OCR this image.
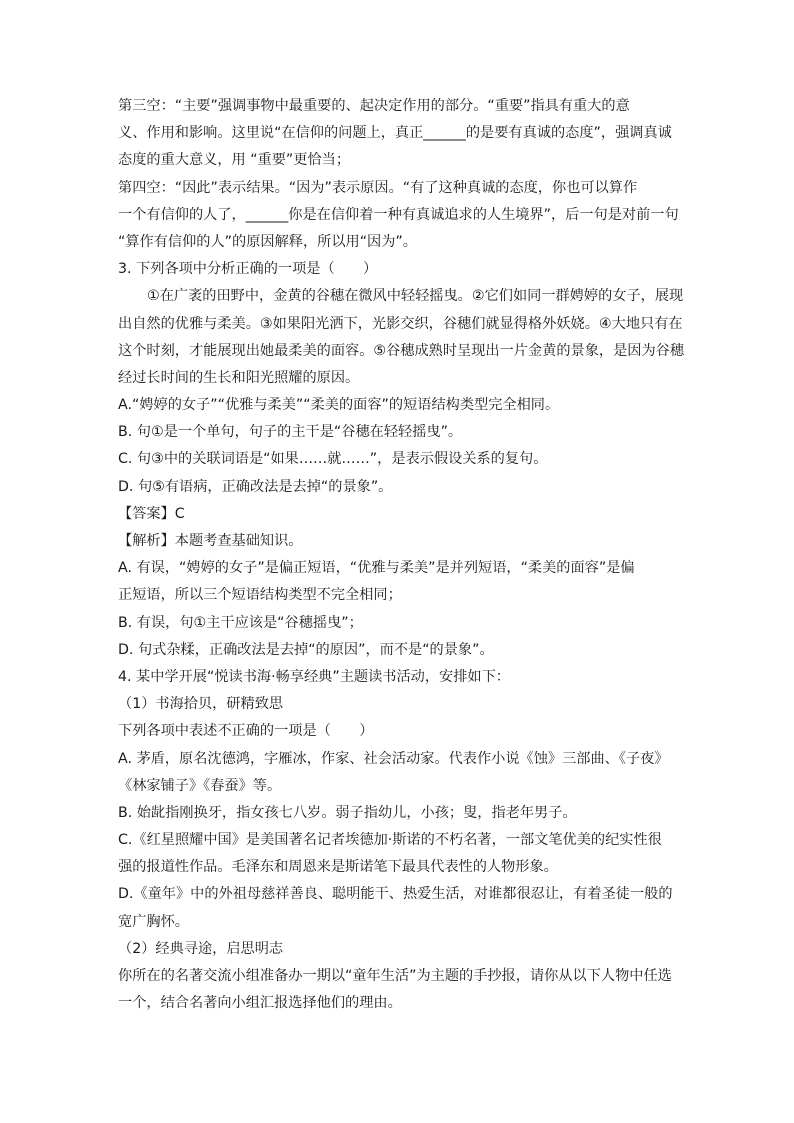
第三空：“主要”强调事物中最重要的、起决定作用的部分。“重要”指具有重大的意
义、作用和影响。这里说“在信仰的问题上，真正______的是要有真诚的态度”，强调真诚
态度的重大意义，用 “重要”更恰当；
第四空：“因此”表示结果。“因为”表示原因。“有了这种真诚的态度，你也可以算作
一个有信仰的人了，______你是在信仰着一种有真诚追求的人生境界”，后一句是对前一句
“算作有信仰的人”的原因解释，所以用“因为”。
3. 下列各项中分析正确的一项是（　　）
①在广袤的田野中，金黄的谷穗在微风中轻轻摇曳。②它们如同一群娉婷的女子，展现
出自然的优雅与柔美。③如果阳光洒下，光影交织，谷穗们就显得格外妖娆。④大地只有在
这个时刻，才能展现出她最柔美的面容。⑤谷穗成熟时呈现出一片金黄的景象，是因为谷穗
经过长时间的生长和阳光照耀的原因。
A.“娉婷的女子”“优雅与柔美”“柔美的面容”的短语结构类型完全相同。
B. 句①是一个单句，句子的主干是“谷穗在轻轻摇曳”。
C. 句③中的关联词语是“如果……就……”，是表示假设关系的复句。
D. 句⑤有语病，正确改法是去掉“的景象”。
【答案】C
【解析】本题考查基础知识。
A. 有误，“娉婷的女子”是偏正短语，“优雅与柔美”是并列短语，“柔美的面容”是偏
正短语，所以三个短语结构类型不完全相同；
B. 有误，句①主干应该是“谷穗摇曳”；
D. 句式杂糅，正确改法是去掉“的原因”，而不是“的景象”。
4. 某中学开展“悦读书海·畅享经典”主题读书活动，安排如下：
（1）书海拾贝，研精致思
下列各项中表述不正确的一项是（　　）
A. 茅盾，原名沈德鸿，字雁冰，作家、社会活动家。代表作小说《蚀》三部曲、《子夜》
《林家铺子》《春蚕》等。
B. 始龀指刚换牙，指女孩七八岁。弱子指幼儿，小孩；叟，指老年男子。
C.《红星照耀中国》是美国著名记者埃德加·斯诺的不朽名著，一部文笔优美的纪实性很
强的报道性作品。毛泽东和周恩来是斯诺笔下最具代表性的人物形象。
D.《童年》中的外祖母慈祥善良、聪明能干、热爱生活，对谁都很忍让，有着圣徒一般的
宽广胸怀。
（2）经典寻途，启思明志
你所在的名著交流小组准备办一期以“童年生活”为主题的手抄报，请你从以下人物中任选
一个，结合名著向小组汇报选择他们的理由。
